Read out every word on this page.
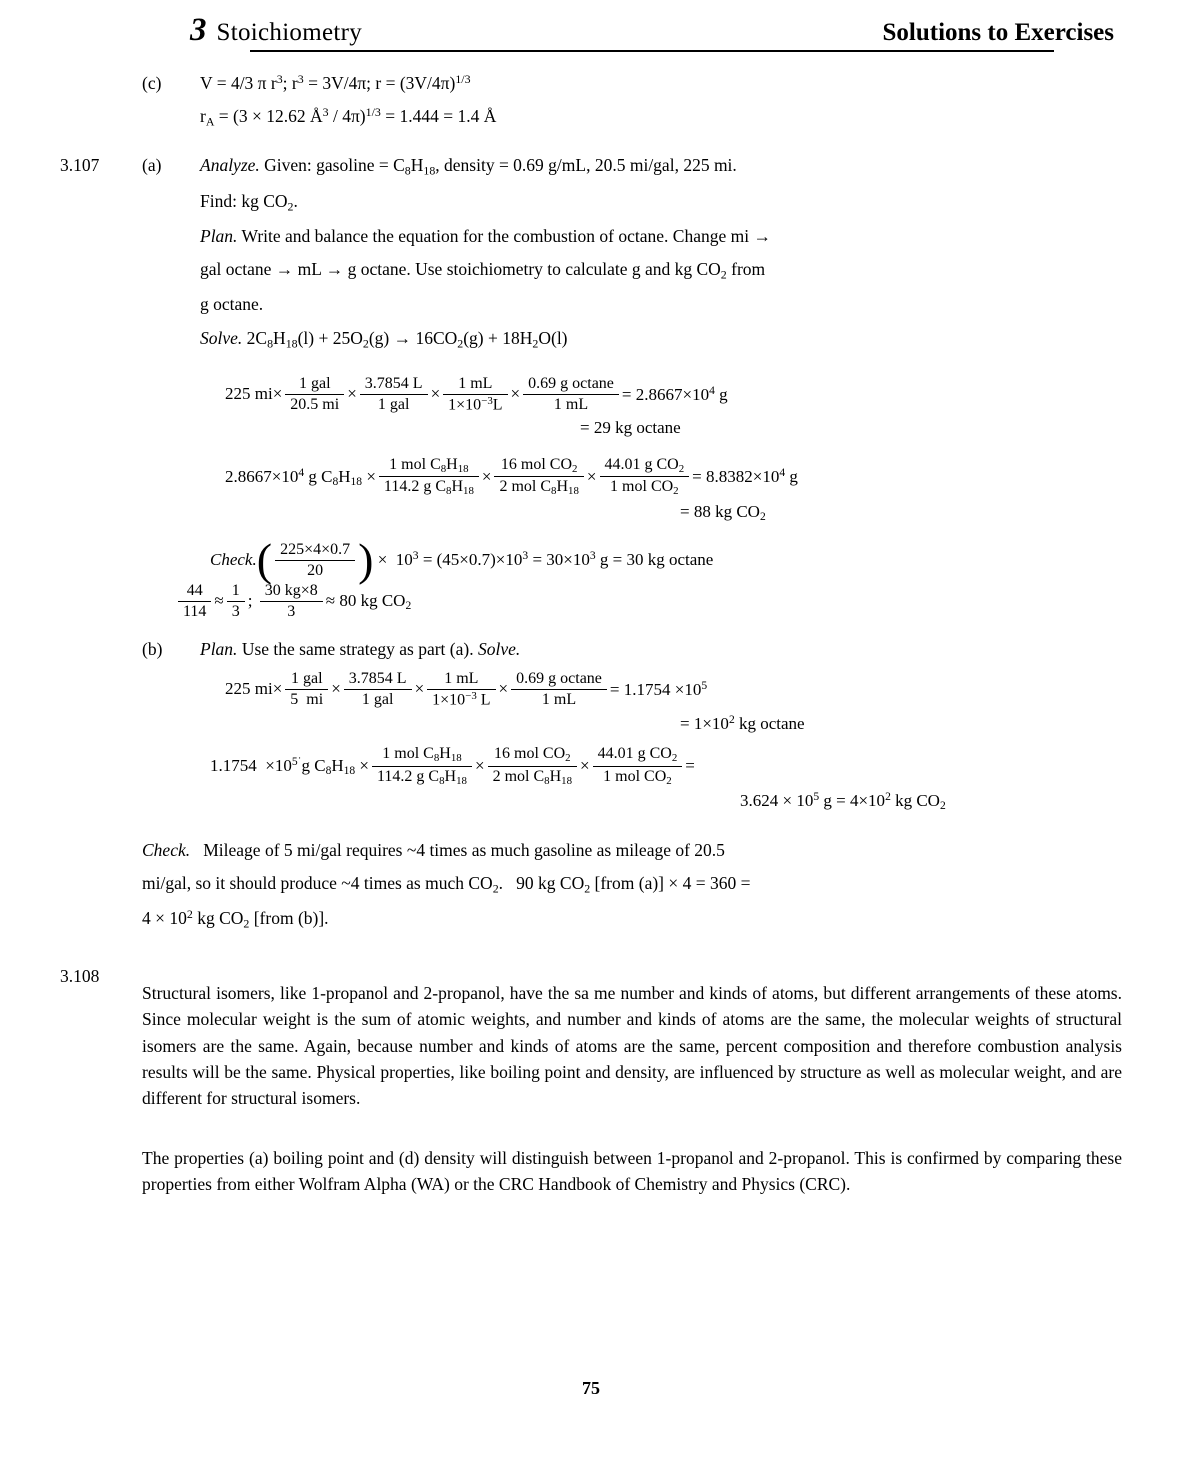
3 Stoichiometry	Solutions to Exercises
(c)	V = 4/3 π $r^3$; $r^3 = 3V/4\pi$; $r = (3V/4\pi)^{1/3}$
$r_A = (3 \times 12.62$ $Å^3 / 4\pi)^{1/3} = 1.444 = 1.4$ Å
3.107	(a)	Analyze. Given: gasoline = $C_8H_{18}$, density = 0.69 g/mL, 20.5 mi/gal, 225 mi.
Find: kg $CO_2$.
Plan. Write and balance the equation for the combustion of octane. Change mi →
gal octane → mL → g octane. Use stoichiometry to calculate g and kg $CO_2$ from
g octane.
Solve. $2C_8H_{18}(l) + 25O_2(g) \to 16CO_2(g) + 18H_2O(l)$
225 $mi\times \frac{\text{1 gal}}{20.5 mi} \times \frac{3.7854 L}{\text{1 gal}} \times \frac{1 mL}{1\times 10^{-3}L} \times \frac{\text{0.69 g octane}}{1 mL} = 2.8667\times 10^4$ g
= 29 kg octane
$2.8667\times 10^4$ g $C_8H_{18} \times \frac{1 mol C_8H_{18}}{114.2 g C_8H_{18}} \times \frac{16 mol CO_2}{2 mol C_8H_{18}} \times \frac{44.01 g CO_2}{1 mol CO_2} = 8.8382\times 10^4$ g
= 88 kg $CO_2$
Check. ( $\frac{225\times 4\times 0.7}{20}$ ) ×  $10^3 = (45\times 0.7)\times 10^3 = 30\times 10^3$ g = 30 kg octane
$\frac{44}{114} \approx \frac{1}{3}$ ; $\frac{30 kg\times 8}{3} \approx 80$ kg $CO_2$
(b)	Plan. Use the same strategy as part (a). Solve.
225 $mi\times \frac{\text{1 gal}}{5 mi} \times \frac{3.7854 L}{\text{1 gal}} \times \frac{1 mL}{1\times 10^{-3} L} \times \frac{\text{0.69 g octane}}{1 mL} = 1.1754 \times 10^5$
= $1\times 10^2$ kg octane
$1.1754 \times 10^{5˙}g$ $C_8H_{18} \times \frac{1 mol C_8H_{18}}{114.2 g C_8H_{18}} \times \frac{16 mol CO_2}{2 mol C_8H_{18}} \times \frac{44.01 g CO_2}{1 mol CO_2}$ =
$3.624 \times 10^5$ $g = 4\times 10^2$ kg $CO_2$
Check.   Mileage of 5 mi/gal requires ~4 times as much gasoline as mileage of 20.5
mi/gal, so it should produce ~4 times as much $CO_2$.   90 kg $CO_2$ [from (a)] × 4 = 360 =
$4 \times 10^2$ kg $CO_2$ [from (b)].
3.108

Structural isomers, like 1-propanol and 2-propanol, have the sa me number and kinds of atoms, but different arrangements of these atoms. Since molecular weight is the sum of atomic weights, and number and kinds of atoms are the same, the molecular weights of structural isomers are the same. Again, because number and kinds of atoms are the same, percent composition and therefore combustion analysis results will be the same. Physical properties, like boiling point and density, are influenced by structure as well as molecular weight, and are different for structural isomers.

The properties (a) boiling point and (d) density will distinguish between 1-propanol and 2-propanol. This is confirmed by comparing these properties from either Wolfram Alpha (WA) or the CRC Handbook of Chemistry and Physics (CRC).

75
